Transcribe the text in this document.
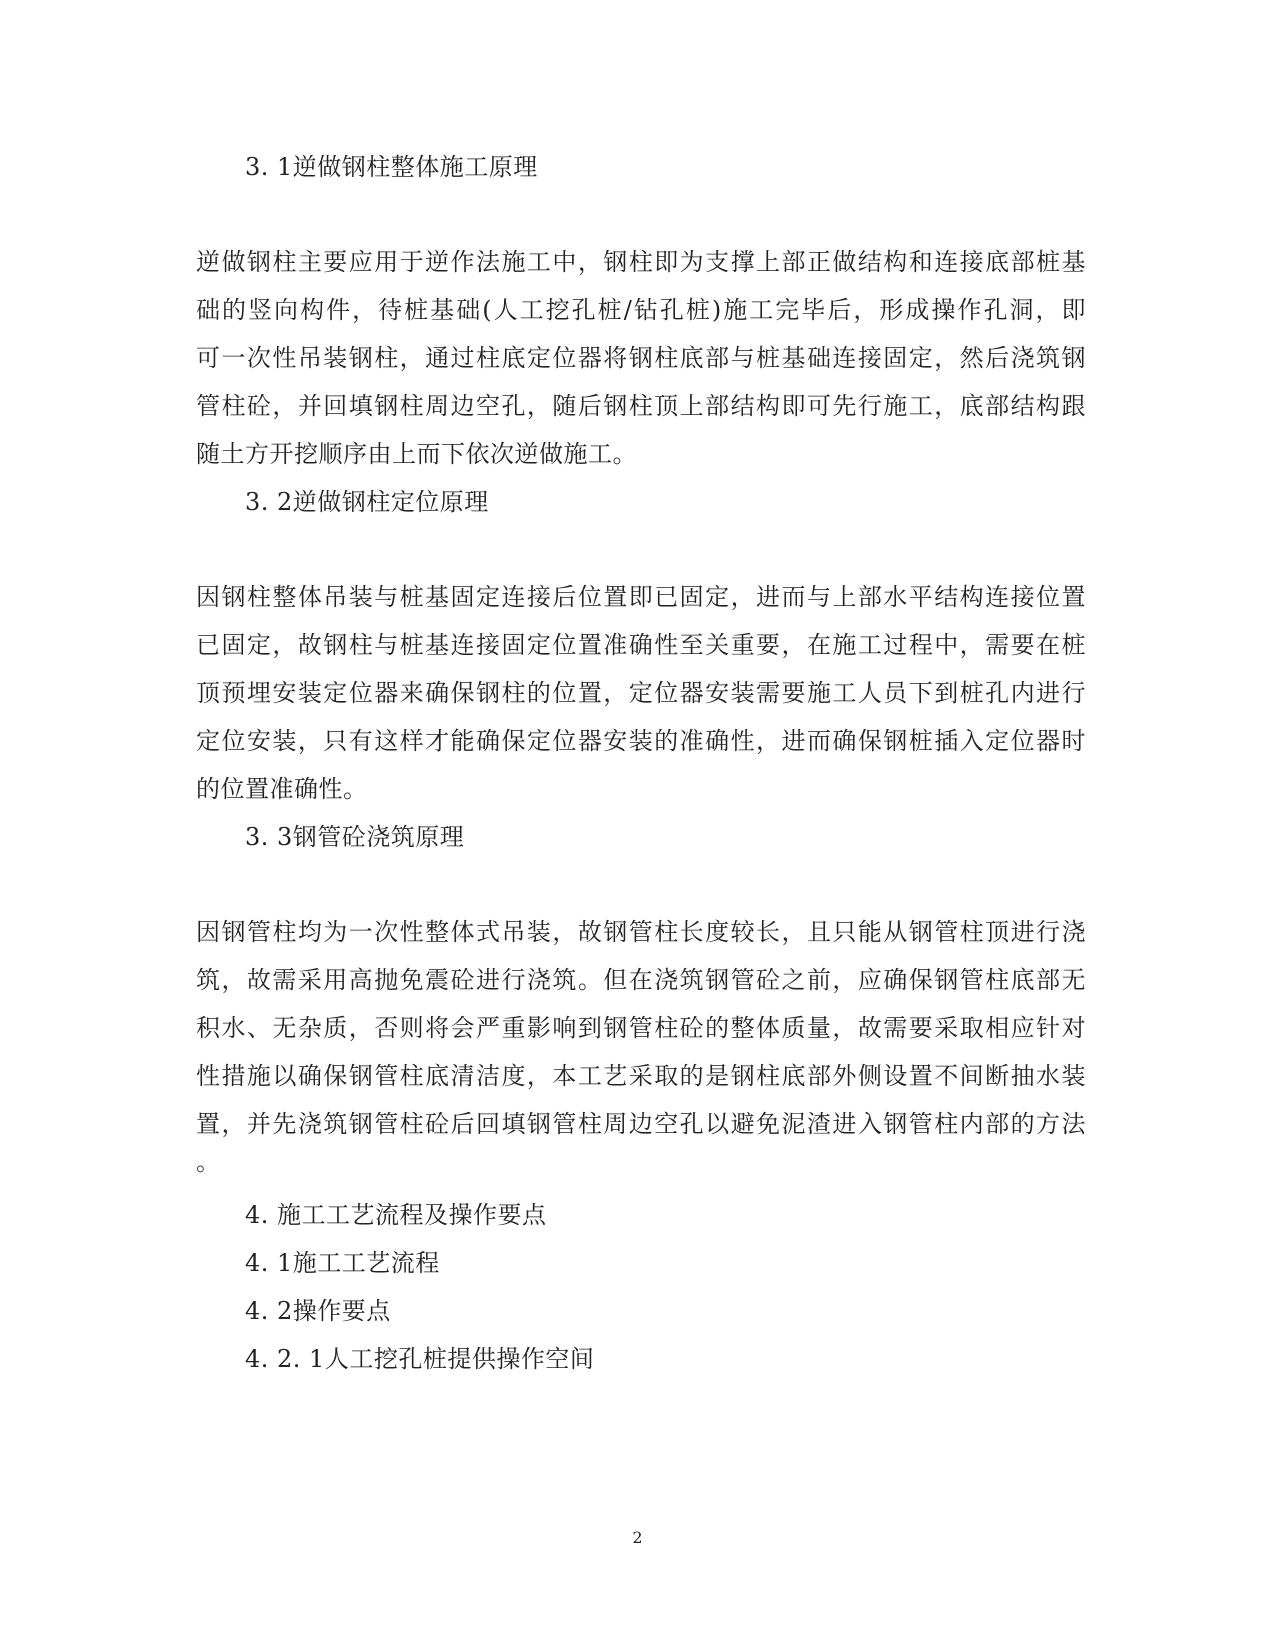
3. 1逆做钢柱整体施工原理
逆做钢柱主要应用于逆作法施工中，钢柱即为支撑上部正做结构和连接底部桩基
础的竖向构件，待桩基础(人工挖孔桩/钻孔桩)施工完毕后，形成操作孔洞，即
可一次性吊装钢柱，通过柱底定位器将钢柱底部与桩基础连接固定，然后浇筑钢
管柱砼，并回填钢柱周边空孔，随后钢柱顶上部结构即可先行施工，底部结构跟
随土方开挖顺序由上而下依次逆做施工。
3. 2逆做钢柱定位原理
因钢柱整体吊装与桩基固定连接后位置即已固定，进而与上部水平结构连接位置
已固定，故钢柱与桩基连接固定位置准确性至关重要，在施工过程中，需要在桩
顶预埋安装定位器来确保钢柱的位置，定位器安装需要施工人员下到桩孔内进行
定位安装，只有这样才能确保定位器安装的准确性，进而确保钢桩插入定位器时
的位置准确性。
3. 3钢管砼浇筑原理
因钢管柱均为一次性整体式吊装，故钢管柱长度较长，且只能从钢管柱顶进行浇
筑，故需采用高抛免震砼进行浇筑。但在浇筑钢管砼之前，应确保钢管柱底部无
积水、无杂质，否则将会严重影响到钢管柱砼的整体质量，故需要采取相应针对
性措施以确保钢管柱底清洁度，本工艺采取的是钢柱底部外侧设置不间断抽水装
置，并先浇筑钢管柱砼后回填钢管柱周边空孔以避免泥渣进入钢管柱内部的方法
。
4. 施工工艺流程及操作要点
4. 1施工工艺流程
4. 2操作要点
4. 2. 1人工挖孔桩提供操作空间
2
